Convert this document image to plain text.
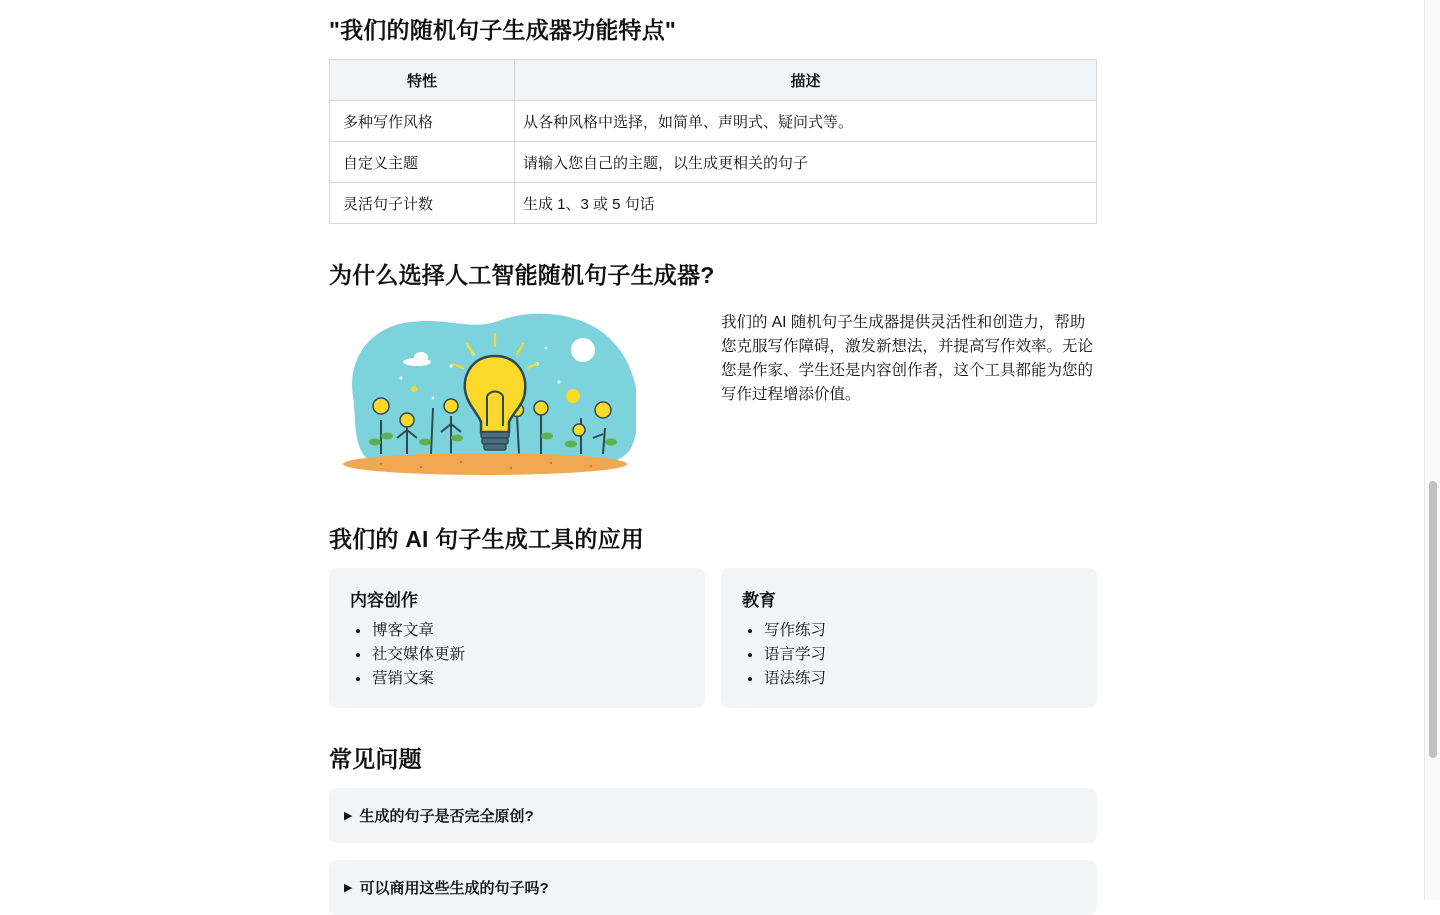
"我们的随机句子生成器功能特点"
特性	描述
多种写作风格	从各种风格中选择，如简单、声明式、疑问式等。
自定义主题	请输入您自己的主题，以生成更相关的句子
灵活句子计数	生成 1、3 或 5 句话
为什么选择人工智能随机句子生成器?

我们的 AI 随机句子生成器提供灵活性和创造力，帮助您克服写作障碍，激发新想法，并提高写作效率。无论您是作家、学生还是内容创作者，这个工具都能为您的写作过程增添价值。

我们的 AI 句子生成工具的应用
内容创作
• 博客文章
• 社交媒体更新
• 营销文案
教育
• 写作练习
• 语言学习
• 语法练习
常见问题
▶ 生成的句子是否完全原创?
▶ 可以商用这些生成的句子吗?
